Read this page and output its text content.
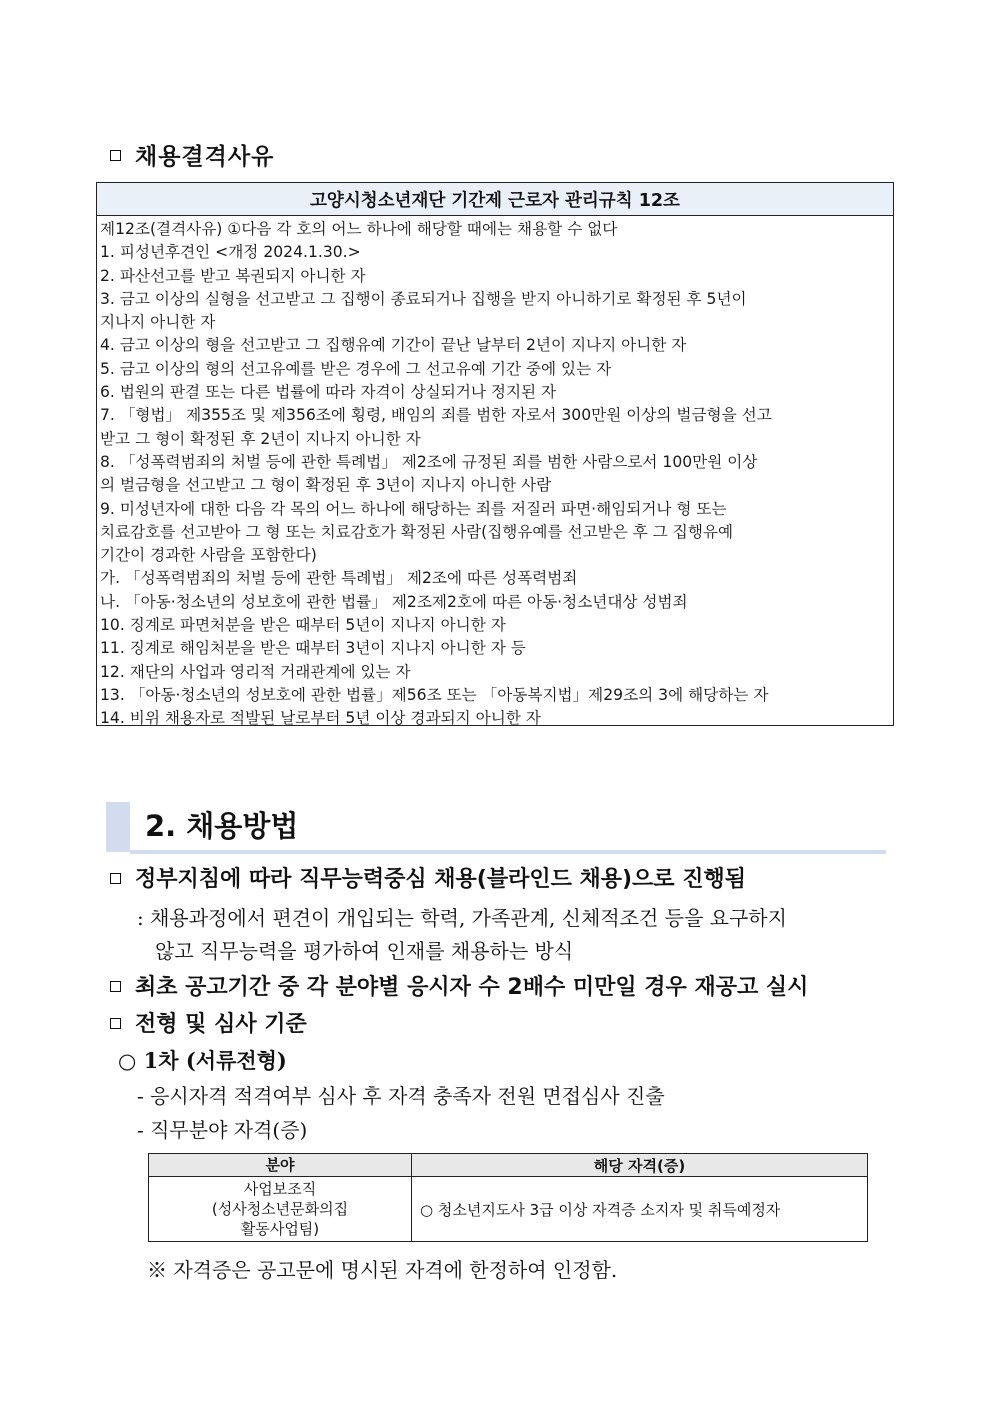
채용결격사유
고양시청소년재단 기간제 근로자 관리규칙 12조
제12조(결격사유) ①다음 각 호의 어느 하나에 해당할 때에는 채용할 수 없다
1. 피성년후견인 <개정 2024.1.30.>
2. 파산선고를 받고 복권되지 아니한 자
3. 금고 이상의 실형을 선고받고 그 집행이 종료되거나 집행을 받지 아니하기로 확정된 후 5년이
지나지 아니한 자
4. 금고 이상의 형을 선고받고 그 집행유예 기간이 끝난 날부터 2년이 지나지 아니한 자
5. 금고 이상의 형의 선고유예를 받은 경우에 그 선고유예 기간 중에 있는 자
6. 법원의 판결 또는 다른 법률에 따라 자격이 상실되거나 정지된 자
7. 「형법」 제355조 및 제356조에 횡령, 배임의 죄를 범한 자로서 300만원 이상의 벌금형을 선고
받고 그 형이 확정된 후 2년이 지나지 아니한 자
8. 「성폭력범죄의 처벌 등에 관한 특례법」 제2조에 규정된 죄를 범한 사람으로서 100만원 이상
의 벌금형을 선고받고 그 형이 확정된 후 3년이 지나지 아니한 사람
9. 미성년자에 대한 다음 각 목의 어느 하나에 해당하는 죄를 저질러 파면·해임되거나 형 또는
치료감호를 선고받아 그 형 또는 치료감호가 확정된 사람(집행유예를 선고받은 후 그 집행유예
기간이 경과한 사람을 포함한다)
가. 「성폭력범죄의 처벌 등에 관한 특례법」 제2조에 따른 성폭력범죄
나. 「아동·청소년의 성보호에 관한 법률」 제2조제2호에 따른 아동·청소년대상 성범죄
10. 징계로 파면처분을 받은 때부터 5년이 지나지 아니한 자
11. 징계로 해임처분을 받은 때부터 3년이 지나지 아니한 자 등
12. 재단의 사업과 영리적 거래관계에 있는 자
13. 「아동·청소년의 성보호에 관한 법률」제56조 또는 「아동복지법」제29조의 3에 해당하는 자
14. 비위 채용자로 적발된 날로부터 5년 이상 경과되지 아니한 자
2. 채용방법
정부지침에 따라 직무능력중심 채용(블라인드 채용)으로 진행됨
: 채용과정에서 편견이 개입되는 학력, 가족관계, 신체적조건 등을 요구하지
않고 직무능력을 평가하여 인재를 채용하는 방식
최초 공고기간 중 각 분야별 응시자 수 2배수 미만일 경우 재공고 실시
전형 및 심사 기준
○ 1차 (서류전형)
- 응시자격 적격여부 심사 후 자격 충족자 전원 면접심사 진출
- 직무분야 자격(증)
분야	해당 자격(증)

사업보조직
(성사청소년문화의집
활동사업팀)	○ 청소년지도사 3급 이상 자격증 소지자 및 취득예정자
※ 자격증은 공고문에 명시된 자격에 한정하여 인정함.
